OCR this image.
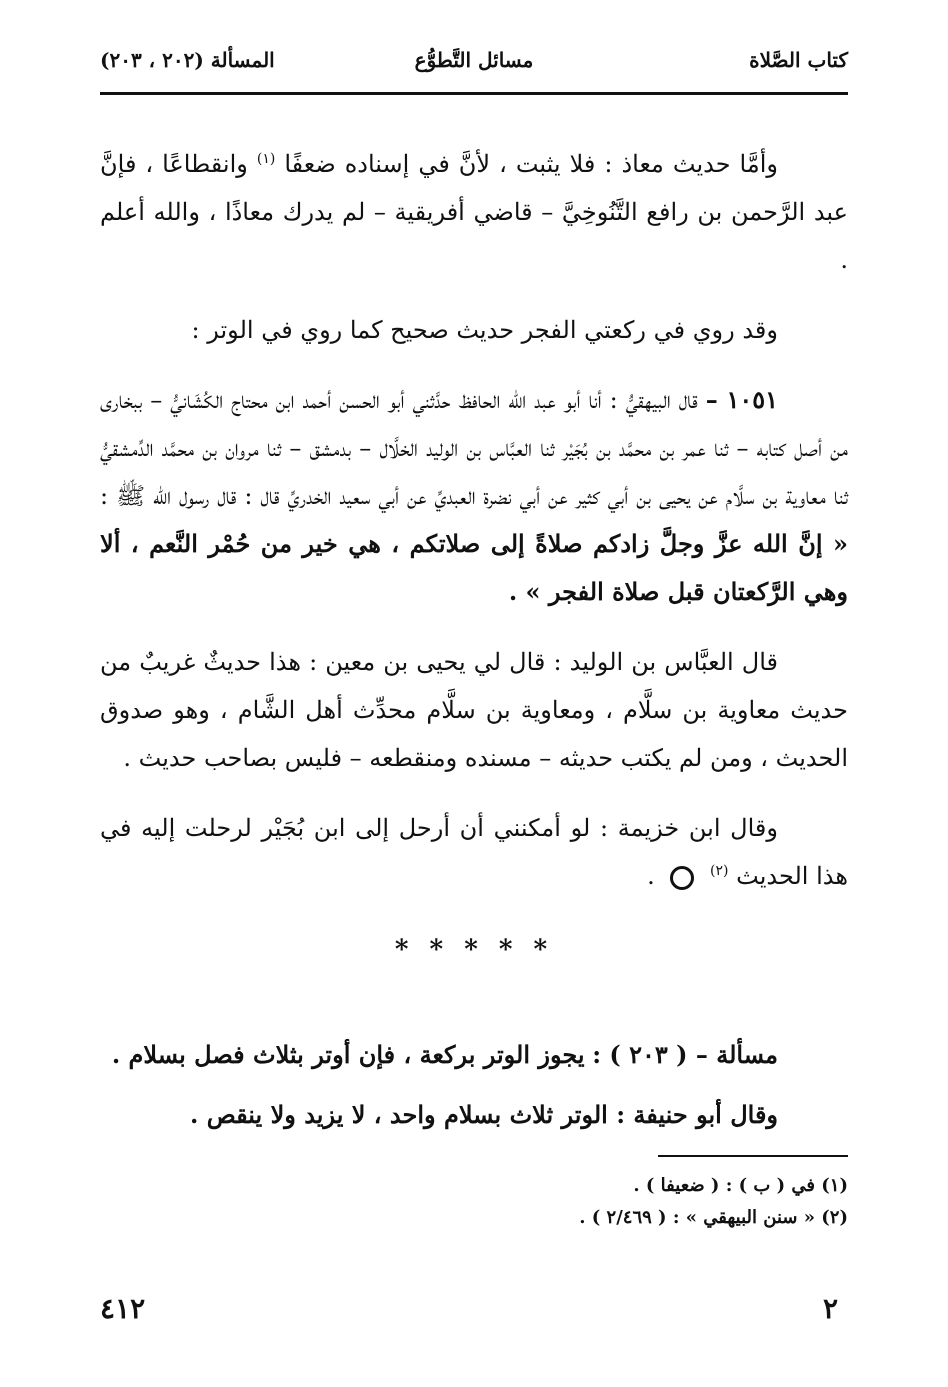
كتاب الصَّلاة
مسائل التَّطوُّع
المسألة (٢٠٢ ، ٢٠٣)

وأمَّا حديث معاذ : فلا يثبت ، لأنَّ في إسناده ضعفًا $^{(١)}$ وانقطاعًا ، فإنَّ عبد الرَّحمن بن رافع التَّنُوخِيَّ – قاضي أفريقية – لم يدرك معاذًا ، والله أعلم .

وقد روي في ركعتي الفجر حديث صحيح كما روي في الوتر :

١٠٥١ – قال البيهقيُّ : أنا أبو عبد الله الحافظ حدَّثني أبو الحسن أحمد ابن محتاج الكُشَانيُّ – ببخارى من أصل كتابه – ثنا عمر بن محمَّد بن بُجَيْر ثنا العبَّاس بن الوليد الخلَّال – بدمشق – ثنا مروان بن محمَّد الدِّمشقيُّ ثنا معاوية بن سلَّام عن يحيى بن أبي كثير عن أبي نضرة العبديِّ عن أبي سعيد الخدريِّ قال : قال رسول الله ﷺ : « إنَّ الله عزَّ وجلَّ زادكم صلاةً إلى صلاتكم ، هي خير من حُمْر النَّعم ، ألا وهي الرَّكعتان قبل صلاة الفجر » .

قال العبَّاس بن الوليد : قال لي يحيى بن معين : هذا حديثٌ غريبٌ من حديث معاوية بن سلَّام ، ومعاوية بن سلَّام محدِّث أهل الشَّام ، وهو صدوق الحديث ، ومن لم يكتب حديثه – مسنده ومنقطعه – فليس بصاحب حديث .

وقال ابن خزيمة : لو أمكنني أن أرحل إلى ابن بُجَيْر لرحلت إليه في هذا الحديث $^{(٢)}$  .

* * * * *

مسألة – ( ٢٠٣ ) : يجوز الوتر بركعة ، فإن أوتر بثلاث فصل بسلام .

وقال أبو حنيفة : الوتر ثلاث بسلام واحد ، لا يزيد ولا ينقص .

(١) في ( ب ) : ( ضعيفا ) .
(٢) « سنن البيهقي » : ( ٢/٤٦٩ ) .
٢
٤١٢
